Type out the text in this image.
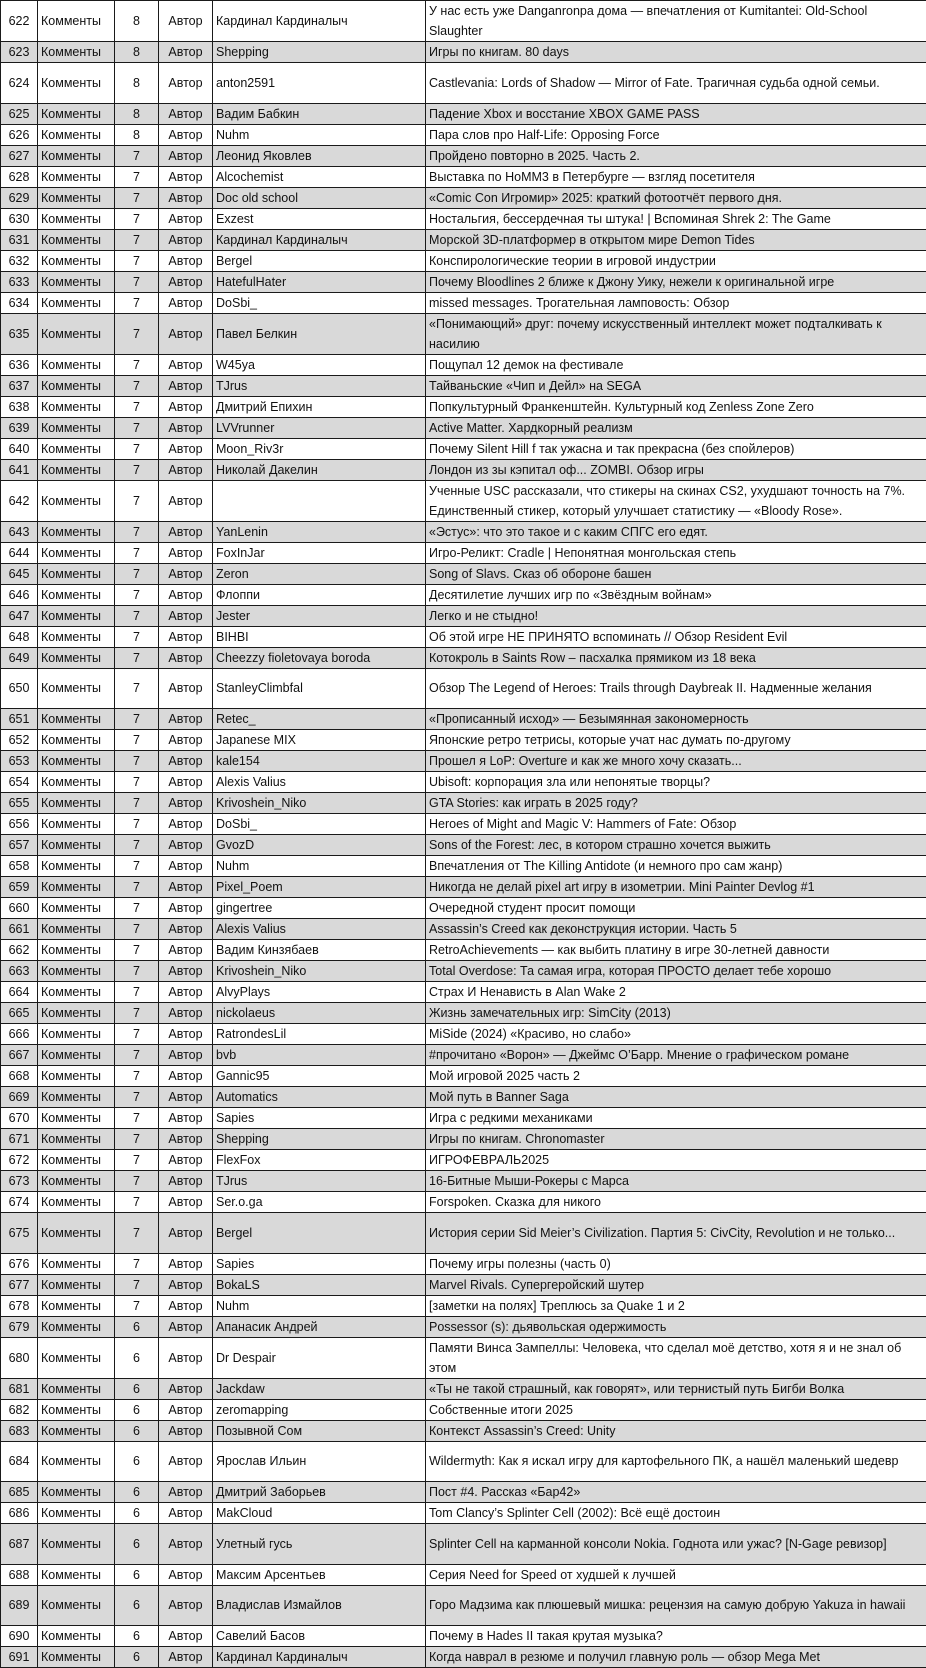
622	Комменты	8	Автор	Кардинал Кардиналыч	У нас есть уже Danganronpa дома — впечатления от Kumitantei: Old-School Slaughter
623	Комменты	8	Автор	Shepping	Игры по книгам. 80 days
624	Комменты	8	Автор	anton2591	Castlevania: Lords of Shadow — Mirror of Fate. Трагичная судьба одной семьи.
625	Комменты	8	Автор	Вадим Бабкин	Падение Xbox и восстание XBOX GAME PASS
626	Комменты	8	Автор	Nuhm	Пара слов про Half-Life: Opposing Force
627	Комменты	7	Автор	Леонид Яковлев	Пройдено повторно в 2025. Часть 2.
628	Комменты	7	Автор	Alcochemist	Выставка по HoMM3 в Петербурге — взгляд посетителя
629	Комменты	7	Автор	Doc old school	«Comic Con Игромир» 2025: краткий фотоотчёт первого дня.
630	Комменты	7	Автор	Exzest	Ностальгия, бессердечная ты штука! | Вспоминая Shrek 2: The Game
631	Комменты	7	Автор	Кардинал Кардиналыч	Морской 3D-платформер в открытом мире Demon Tides
632	Комменты	7	Автор	Bergel	Конспирологические теории в игровой индустрии
633	Комменты	7	Автор	HatefulHater	Почему Bloodlines 2 ближе к Джону Уику, нежели к оригинальной игре
634	Комменты	7	Автор	DoSbi_	missed messages. Трогательная ламповость: Обзор
635	Комменты	7	Автор	Павел Белкин	«Понимающий» друг: почему искусственный интеллект может подталкивать к насилию
636	Комменты	7	Автор	W45ya	Пощупал 12 демок на фестивале
637	Комменты	7	Автор	TJrus	Тайваньские «Чип и Дейл» на SEGA
638	Комменты	7	Автор	Дмитрий Епихин	Попкультурный Франкенштейн. Культурный код Zenless Zone Zero
639	Комменты	7	Автор	LVVrunner	Active Matter. Хардкорный реализм
640	Комменты	7	Автор	Moon_Riv3r	Почему Silent Hill f так ужасна и так прекрасна (без спойлеров)
641	Комменты	7	Автор	Николай Дакелин	Лондон из зы кэпитал оф... ZOMBI. Обзор игры
642	Комменты	7	Автор		Ученные USC рассказали, что стикеры на скинах CS2, ухудшают точность на 7%. Единственный стикер, который улучшает статистику — «Bloody Rose».
643	Комменты	7	Автор	YanLenin	«Эстус»: что это такое и с каким СПГС его едят.
644	Комменты	7	Автор	FoxInJar	Игро-Реликт: Cradle | Непонятная монгольская степь
645	Комменты	7	Автор	Zeron	Song of Slavs. Сказ об обороне башен
646	Комменты	7	Автор	Флоппи	Десятилетие лучших игр по «Звёздным войнам»
647	Комменты	7	Автор	Jester	Легко и не стыдно!
648	Комменты	7	Автор	BIHBI	Об этой игре НЕ ПРИНЯТО вспоминать // Обзор Resident Evil
649	Комменты	7	Автор	Cheezzy fioletovaya boroda	Котокроль в Saints Row – пасхалка прямиком из 18 века
650	Комменты	7	Автор	StanleyClimbfal	Обзор The Legend of Heroes: Trails through Daybreak II. Надменные желания
651	Комменты	7	Автор	Retec_	«Прописанный исход» — Безымянная закономерность
652	Комменты	7	Автор	Japanese MIX	Японские ретро тетрисы, которые учат нас думать по-другому
653	Комменты	7	Автор	kale154	Прошел я LoP: Overture и как же много хочу сказать...
654	Комменты	7	Автор	Alexis Valius	Ubisoft: корпорация зла или непонятые творцы?
655	Комменты	7	Автор	Krivoshein_Niko	GTA Stories: как играть в 2025 году?
656	Комменты	7	Автор	DoSbi_	Heroes of Might and Magic V: Hammers of Fate: Обзор
657	Комменты	7	Автор	GvozD	Sons of the Forest: лес, в котором страшно хочется выжить
658	Комменты	7	Автор	Nuhm	Впечатления от The Killing Antidote (и немного про сам жанр)
659	Комменты	7	Автор	Pixel_Poem	Никогда не делай pixel art игру в изометрии. Mini Painter Devlog #1
660	Комменты	7	Автор	gingertree	Очередной студент просит помощи
661	Комменты	7	Автор	Alexis Valius	Assassin’s Creed как деконструкция истории. Часть 5
662	Комменты	7	Автор	Вадим Кинзябаев	RetroAchievements — как выбить платину в игре 30-летней давности
663	Комменты	7	Автор	Krivoshein_Niko	Total Overdose: Та самая игра, которая ПРОСТО делает тебе хорошо
664	Комменты	7	Автор	AlvyPlays	Страх И Ненависть в Alan Wake 2
665	Комменты	7	Автор	nickolaeus	Жизнь замечательных игр: SimCity (2013)
666	Комменты	7	Автор	RatrondesLil	MiSide (2024) «Красиво, но слабо»
667	Комменты	7	Автор	bvb	#прочитано «Ворон» — Джеймс О’Барр. Мнение о графическом романе
668	Комменты	7	Автор	Gannic95	Мой игровой 2025 часть 2
669	Комменты	7	Автор	Automatics	Мой путь в Banner Saga
670	Комменты	7	Автор	Sapies	Игра с редкими механиками
671	Комменты	7	Автор	Shepping	Игры по книгам. Chronomaster
672	Комменты	7	Автор	FlexFox	ИГРОФЕВРАЛЬ2025
673	Комменты	7	Автор	TJrus	16-Битные Мыши-Рокеры с Марса
674	Комменты	7	Автор	Ser.o.ga	Forspoken. Сказка для никого
675	Комменты	7	Автор	Bergel	История серии Sid Meier’s Civilization. Партия 5: CivCity, Revolution и не только...
676	Комменты	7	Автор	Sapies	Почему игры полезны (часть 0)
677	Комменты	7	Автор	BokaLS	Marvel Rivals. Супергеройский шутер
678	Комменты	7	Автор	Nuhm	[заметки на полях] Треплюсь за Quake 1 и 2
679	Комменты	6	Автор	Апанасик Андрей	Possessor (s): дьявольская одержимость
680	Комменты	6	Автор	Dr Despair	Памяти Винса Зампеллы: Человека, что сделал моё детство, хотя я и не знал об этом
681	Комменты	6	Автор	Jackdaw	«Ты не такой страшный, как говорят», или тернистый путь Бигби Волка
682	Комменты	6	Автор	zeromapping	Собственные итоги 2025
683	Комменты	6	Автор	Позывной Сом	Контекст Assassin’s Creed: Unity
684	Комменты	6	Автор	Ярослав Ильин	Wildermyth: Как я искал игру для картофельного ПК, а нашёл маленький шедевр
685	Комменты	6	Автор	Дмитрий Заборьев	Пост #4. Рассказ «Бар42»
686	Комменты	6	Автор	MakCloud	Tom Clancy’s Splinter Cell (2002): Всё ещё достоин
687	Комменты	6	Автор	Улетный гусь	Splinter Cell на карманной консоли Nokia. Годнота или ужас? [N-Gage ревизор]
688	Комменты	6	Автор	Максим Арсентьев	Серия Need for Speed от худшей к лучшей
689	Комменты	6	Автор	Владислав Измайлов	Горо Мадзима как плюшевый мишка: рецензия на самую добрую Yakuza in hawaii
690	Комменты	6	Автор	Савелий Басов	Почему в Hades II такая крутая музыка?
691	Комменты	6	Автор	Кардинал Кардиналыч	Когда наврал в резюме и получил главную роль — обзор Mega Met
